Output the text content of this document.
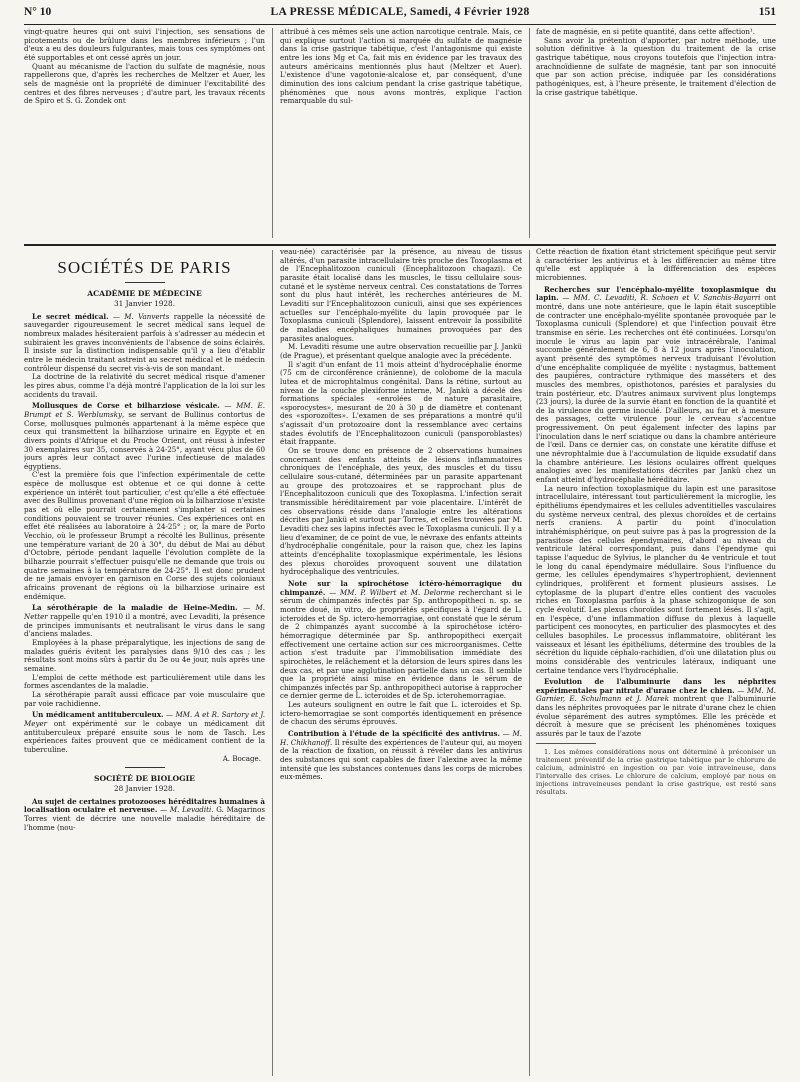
N° 10	LA PRESSE MÉDICALE, Samedi, 4 Février 1928	151

vingt-quatre heures qui ont suivi l'injection, ses sensations de picotements ou de brûlure dans les membres inférieurs ; l'un d'eux a eu des douleurs fulgurantes, mais tous ces symptômes ont été supportables et ont cessé après un jour.

Quant au mécanisme de l'action du sulfate de magnésie, nous rappellerons que, d'après les recherches de Meltzer et Auer, les sels de magnésie ont la propriété de diminuer l'excitabilité des centres et des fibres nerveuses ; d'autre part, les travaux récents de Spiro et S. G. Zondek ont

attribué à ces mêmes sels une action narcotique centrale. Mais, ce qui explique surtout l'action si marquée du sulfate de magnésie dans la crise gastrique tabétique, c'est l'antagonisme qui existe entre les ions Mg et Ca, fait mis en évidence par les travaux des auteurs américains mentionnés plus haut (Meltzer et Auer). L'existence d'une vagotonie-alcalose et, par conséquent, d'une diminution des ions calcium pendant la crise gastrique tabétique, phénomènes que nous avons montrés, explique l'action remarquable du sul-

fate de magnésie, en si petite quantité, dans cette affection¹.

Sans avoir la prétention d'apporter, par notre méthode, une solution définitive à la question du traitement de la crise gastrique tabétique, nous croyons toutefois que l'injection intra-arachnoïdienne de sulfate de magnésie, tant par son innocuité que par son action précise, indiquée par les considérations pathogéniques, est, à l'heure présente, le traitement d'élection de la crise gastrique tabétique.

SOCIÉTÉS DE PARIS
ACADÉMIE DE MÉDECINE
31 Janvier 1928.

Le secret médical. — M. Vanverts rappelle la nécessité de sauvegarder rigoureusement le secret médical sans lequel de nombreux malades hésiteraient parfois à s'adresser au médecin et subiraient les graves inconvénients de l'absence de soins éclairés. Il insiste sur la distinction indispensable qu'il y a lieu d'établir entre le médecin traitant astreint au secret médical et le médecin contrôleur dispensé du secret vis-à-vis de son mandant.

La doctrine de la relativité du secret médical risque d'amener les pires abus, comme l'a déjà montré l'application de la loi sur les accidents du travail.

Mollusques de Corse et bilharziose vésicale. — MM. E. Brumpt et S. Werblumsky, se servant de Bullinus contortus de Corse, mollusques pulmonés appartenant à la même espèce que ceux qui transmettent la bilharziose urinaire en Egypte et en divers points d'Afrique et du Proche Orient, ont réussi à infester 30 exemplaires sur 35, conservés à 24-25°, ayant vécu plus de 60 jours après leur contact avec l'urine infectieuse de malades égyptiens.

C'est la première fois que l'infection expérimentale de cette espèce de mollusque est obtenue et ce qui donne à cette expérience un intérêt tout particulier, c'est qu'elle a été effectuée avec des Bullinus provenant d'une région où la bilharziose n'existe pas et où elle pourrait certainement s'implanter si certaines conditions pouvaient se trouver réunies. Ces expériences ont en effet été réalisées au laboratoire à 24-25° ; or, la mare de Porto Vecchio, où le professeur Brumpt a récolté les Bullinus, présente une température variant de 20 à 30°, du début de Mai au début d'Octobre, période pendant laquelle l'évolution complète de la bilharzie pourrait s'effectuer puisqu'elle ne demande que trois ou quatre semaines à la température de 24-25°. Il est donc prudent de ne jamais envoyer en garnison en Corse des sujets coloniaux africains provenant de régions où la bilharziose urinaire est endémique.

La sérothérapie de la maladie de Heine-Medin. — M. Netter rappelle qu'en 1910 il a montré, avec Levaditi, la présence de principes immunisants et neutralisant le virus dans le sang d'anciens malades.

Employées à la phase préparalytique, les injections de sang de malades guéris évitent les paralysies dans 9/10 des cas ; les résultats sont moins sûrs à partir du 3e ou 4e jour, nuls après une semaine.

L'emploi de cette méthode est particulièrement utile dans les formes ascendantes de la maladie.

La sérothérapie paraît aussi efficace par voie musculaire que par voie rachidienne.

Un médicament antituberculeux. — MM. A et R. Sartory et J. Meyer ont expérimenté sur le cobaye un médicament dit antituberculeux préparé ensuite sous le nom de Tasch. Les expériences faites prouvent que ce médicament contient de la tuberculine.

A. Bocage.
SOCIÉTÉ DE BIOLOGIE
28 Janvier 1928.

Au sujet de certaines protozooses héréditaires humaines à localisation oculaire et nerveuse. — M. Levaditi. G. Magarinos Torres vient de décrire une nouvelle maladie héréditaire de l'homme (nou-

veau-née) caractérisée par la présence, au niveau de tissus altérés, d'un parasite intracellulaire très proche des Toxoplasma et de l'Encephalitozoon cuniculi (Encephalitozoon chagazi). Ce parasite était localisé dans les muscles, le tissu cellulaire sous-cutané et le système nerveux central. Ces constatations de Torres sont du plus haut intérêt, les recherches antérieures de M. Levaditi sur l'Encephalitozoon cuniculi, ainsi que ses expériences actuelles sur l'encéphalo-myélite du lapin provoquée par le Toxoplasma cuniculi (Splendore), laissent entrevoir la possibilité de maladies encéphaliques humaines provoquées par des parasites analogues.

M. Levaditi résume une autre observation recueillie par J. Jankü (de Prague), et présentant quelque analogie avec la précédente.

Il s'agit d'un enfant de 11 mois atteint d'hydrocéphalie énorme (75 cm de circonférence crânienne), de colobome de la macula lutea et de microphtalmus congénital. Dans la rétine, surtout au niveau de la couche plexiforme interne, M. Jankü a décelé des formations spéciales «enrolées de nature parasitaire, «sporocystes», mesurant de 20 à 30 µ de diamètre et contenant des «sporozoïtes». L'examen de ses préparations a montré qu'il s'agissait d'un protozoaire dont la ressemblance avec certains stades évolutifs de l'Encephalitozoon cuniculi (pansporoblastes) était frappante.

On se trouve donc en présence de 2 observations humaines concernant des enfants atteints de lésions inflammatoires chroniques de l'encéphale, des yeux, des muscles et du tissu cellulaire sous-cutané, déterminées par un parasite appartenant au groupe des protozoaires et se rapprochant plus de l'Encephalitozoon cuniculi que des Toxoplasma. L'infection serait transmissible héréditairement par voie placentaire. L'intérêt de ces observations réside dans l'analogie entre les altérations décrites par Jankü et surtout par Torres, et celles trouvées par M. Levaditi chez ses lapins infectés avec le Toxoplasma cuniculi. Il y a lieu d'examiner, de ce point de vue, le névraxe des enfants atteints d'hydrocéphalie congénitale, pour la raison que, chez les lapins atteints d'encéphalite toxoplasmique expérimentale, les lésions des plexus choroïdes provoquent souvent une dilatation hydrocéphalique des ventricules.

Note sur la spirochétose ictéro-hémorragique du chimpanzé. — MM. P. Wilbert et M. Delorme recherchant si le sérum de chimpanzés infectés par Sp. anthropopitheci n. sp. se montre doué, in vitro, de propriétés spécifiques à l'égard de L. icteroides et de Sp. ictero-hemorragiae, ont constaté que le sérum de 2 chimpanzés ayant succombé à la spirochétose ictéro-hémorragique déterminée par Sp. anthropopitheci exerçait effectivement une certaine action sur ces microorganismes. Cette action s'est traduite par l'immobilisation immédiate des spirochètes, le relâchement et la détorsion de leurs spires dans les deux cas, et par une agglutination partielle dans un cas. Il semble que la propriété ainsi mise en évidence dans le sérum de chimpanzés infectés par Sp. anthropopitheci autorise à rapprocher ce dernier germe de L. icteroides et de Sp. icterohemorragiae.

Les auteurs soulignent en outre le fait que L. icteroides et Sp. ictero-hemorragiae se sont comportés identiquement en présence de chacun des sérums éprouvés.

Contribution à l'étude de la spécificité des antivirus. — M. H. Chikhanoff. Il résulte des expériences de l'auteur qui, au moyen de la réaction de fixation, on réussit à révéler dans les antivirus des substances qui sont capables de fixer l'alexine avec la même intensité que les substances contenues dans les corps de microbes eux-mêmes.

Cette réaction de fixation étant strictement spécifique peut servir à caractériser les antivirus et à les différencier au même titre qu'elle est appliquée à la différenciation des espèces microbiennes.

Recherches sur l'encéphalo-myélite toxoplasmique du lapin. — MM. C. Levaditi, R. Schoen et V. Sanchis-Bayarri ont montré, dans une note antérieure, que le lapin était susceptible de contracter une encéphalo-myélite spontanée provoquée par le Toxoplasma cuniculi (Splendore) et que l'infection pouvait être transmise en série. Les recherches ont été continuées. Lorsqu'on inocule le virus au lapin par voie intracérébrale, l'animal succombe généralement de 6, 8 à 12 jours après l'inoculation, ayant présenté des symptômes nerveux traduisant l'évolution d'une encéphalite compliquée de myélite : nystagmus, battement des paupières, contracture rythmique des masséters et des muscles des membres, opisthotonos, parésies et paralysies du train postérieur, etc. D'autres animaux survivent plus longtemps (23 jours), la durée de la survie étant en fonction de la quantité et de la virulence du germe inoculé. D'ailleurs, au fur et à mesure des passages, cette virulence pour le cerveau s'accentue progressivement. On peut également infecter des lapins par l'inoculation dans le nerf sciatique ou dans la chambre antérieure de l'œil. Dans ce dernier cas, on constate une kératite diffuse et une névrophtalmie due à l'accumulation de liquide exsudatif dans la chambre antérieure. Les lésions oculaires offrent quelques analogies avec les manifestations décrites par Jankü chez un enfant atteint d'hydrocéphalie héréditaire.

La neuro infection toxoplasmique du lapin est une parasitose intracellulaire, intéressant tout particulièrement la microglie, les épithéliums épendymaires et les cellules adventitielles vasculaires du système nerveux central, des plexus choroïdes et de certains nerfs craniens. A partir du point d'inoculation intrahémisphérique, on peut suivre pas à pas la progression de la parasitose des cellules épendymaires, d'abord au niveau du ventricule latéral correspondant, puis dans l'épendyme qui tapisse l'aqueduc de Sylvius, le plancher du 4e ventricule et tout le long du canal épendymaire médullaire. Sous l'influence du germe, les cellules épendymaires s'hypertrophient, deviennent cylindriques, prolifèrent et forment plusieurs assises. Le cytoplasme de la plupart d'entre elles contient des vacuoles riches en Toxoplasma parfois à la phase schizogonique de son cycle évolutif. Les plexus choroïdes sont fortement lésés. Il s'agit, en l'espèce, d'une inflammation diffuse du plexus à laquelle participent ces monocytes, en particulier des plasmocytes et des cellules basophiles. Le processus inflammatoire, oblitérant les vaisseaux et lésant les épithéliums, détermine des troubles de la sécrétion du liquide céphalo-rachidien, d'où une dilatation plus ou moins considérable des ventricules latéraux, indiquant une certaine tendance vers l'hydrocéphalie.

Evolution de l'albuminurie dans les néphrites expérimentales par nitrate d'urane chez le chien. — MM. M. Garnier, E. Schulmann et J. Marek montrent que l'albuminurie dans les néphrites provoquées par le nitrate d'urane chez le chien évolue séparément des autres symptômes. Elle les précède et décroît à mesure que se précisent les phénomènes toxiques assurés par le taux de l'azote

1. Les mêmes considérations nous ont déterminé à préconiser un traitement préventif de la crise gastrique tabétique par le chlorure de calcium, administré en ingestion ou par voie intraveineuse, dans l'intervalle des crises. Le chlorure de calcium, employé par nous en injections intraveineuses pendant la crise gastrique, est resté sans résultats.
